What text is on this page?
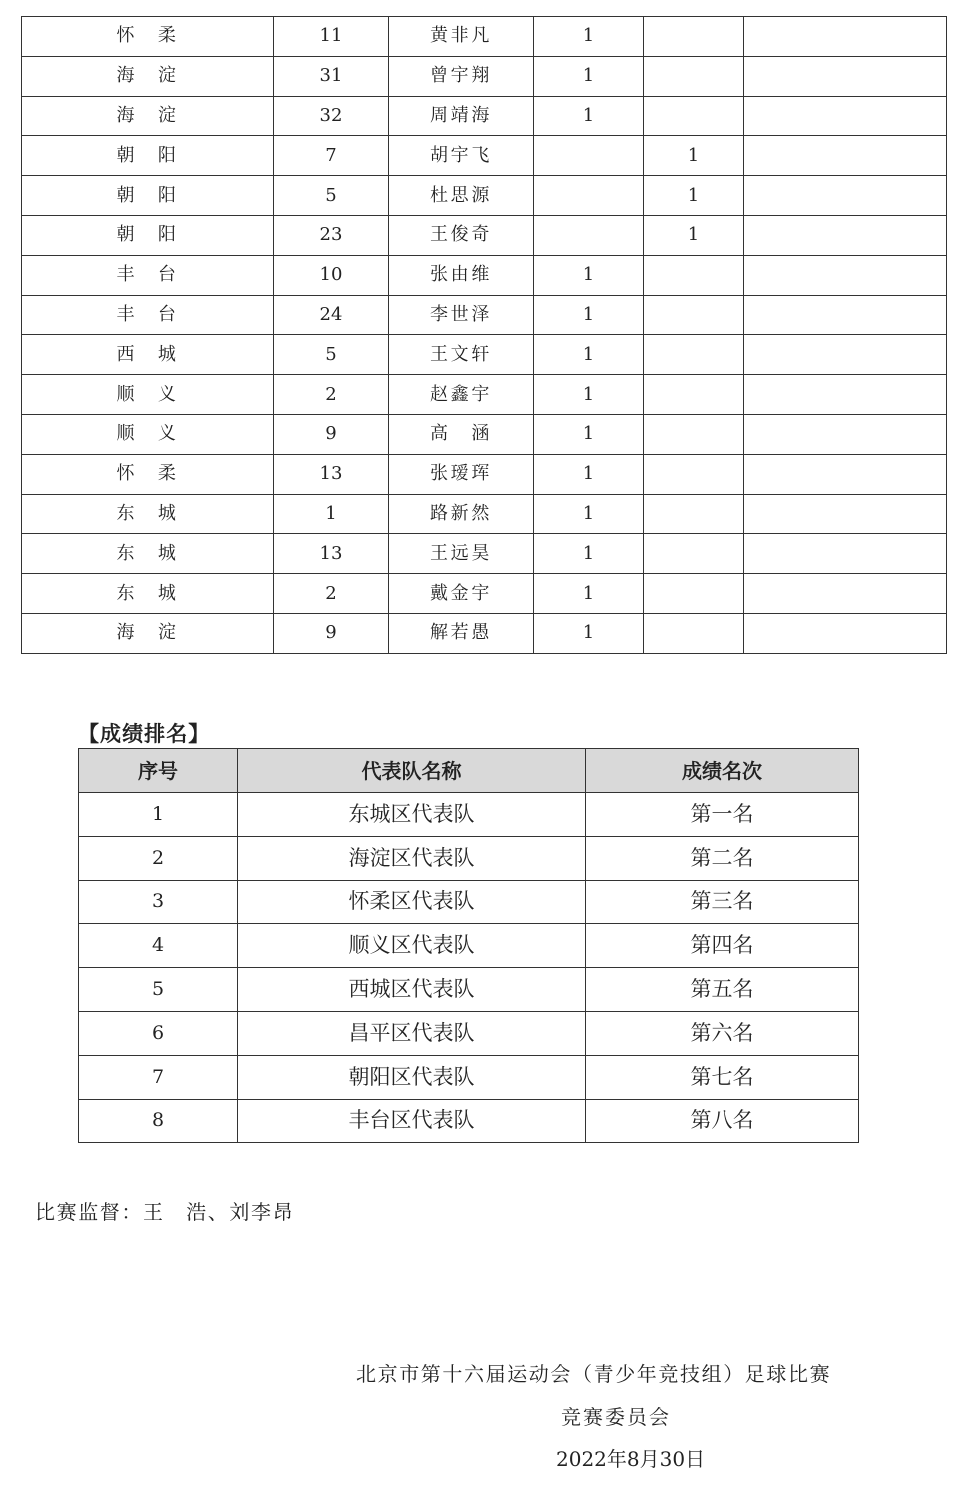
怀　柔	11	黄非凡	1		
海　淀	31	曾宇翔	1		
海　淀	32	周靖海	1		
朝　阳	7	胡宇飞		1	
朝　阳	5	杜思源		1	
朝　阳	23	王俊奇		1	
丰　台	10	张由维	1		
丰　台	24	李世泽	1		
西　城	5	王文轩	1		
顺　义	2	赵鑫宇	1		
顺　义	9	高　涵	1		
怀　柔	13	张瑷珲	1		
东　城	1	路新然	1		
东　城	13	王远昊	1		
东　城	2	戴金宇	1		
海　淀	9	解若愚	1		
【成绩排名】
序号	代表队名称	成绩名次
1	东城区代表队	第一名
2	海淀区代表队	第二名
3	怀柔区代表队	第三名
4	顺义区代表队	第四名
5	西城区代表队	第五名
6	昌平区代表队	第六名
7	朝阳区代表队	第七名
8	丰台区代表队	第八名
比赛监督：王　浩、刘李昂
北京市第十六届运动会（青少年竞技组）足球比赛
竞赛委员会
2022年8月30日
